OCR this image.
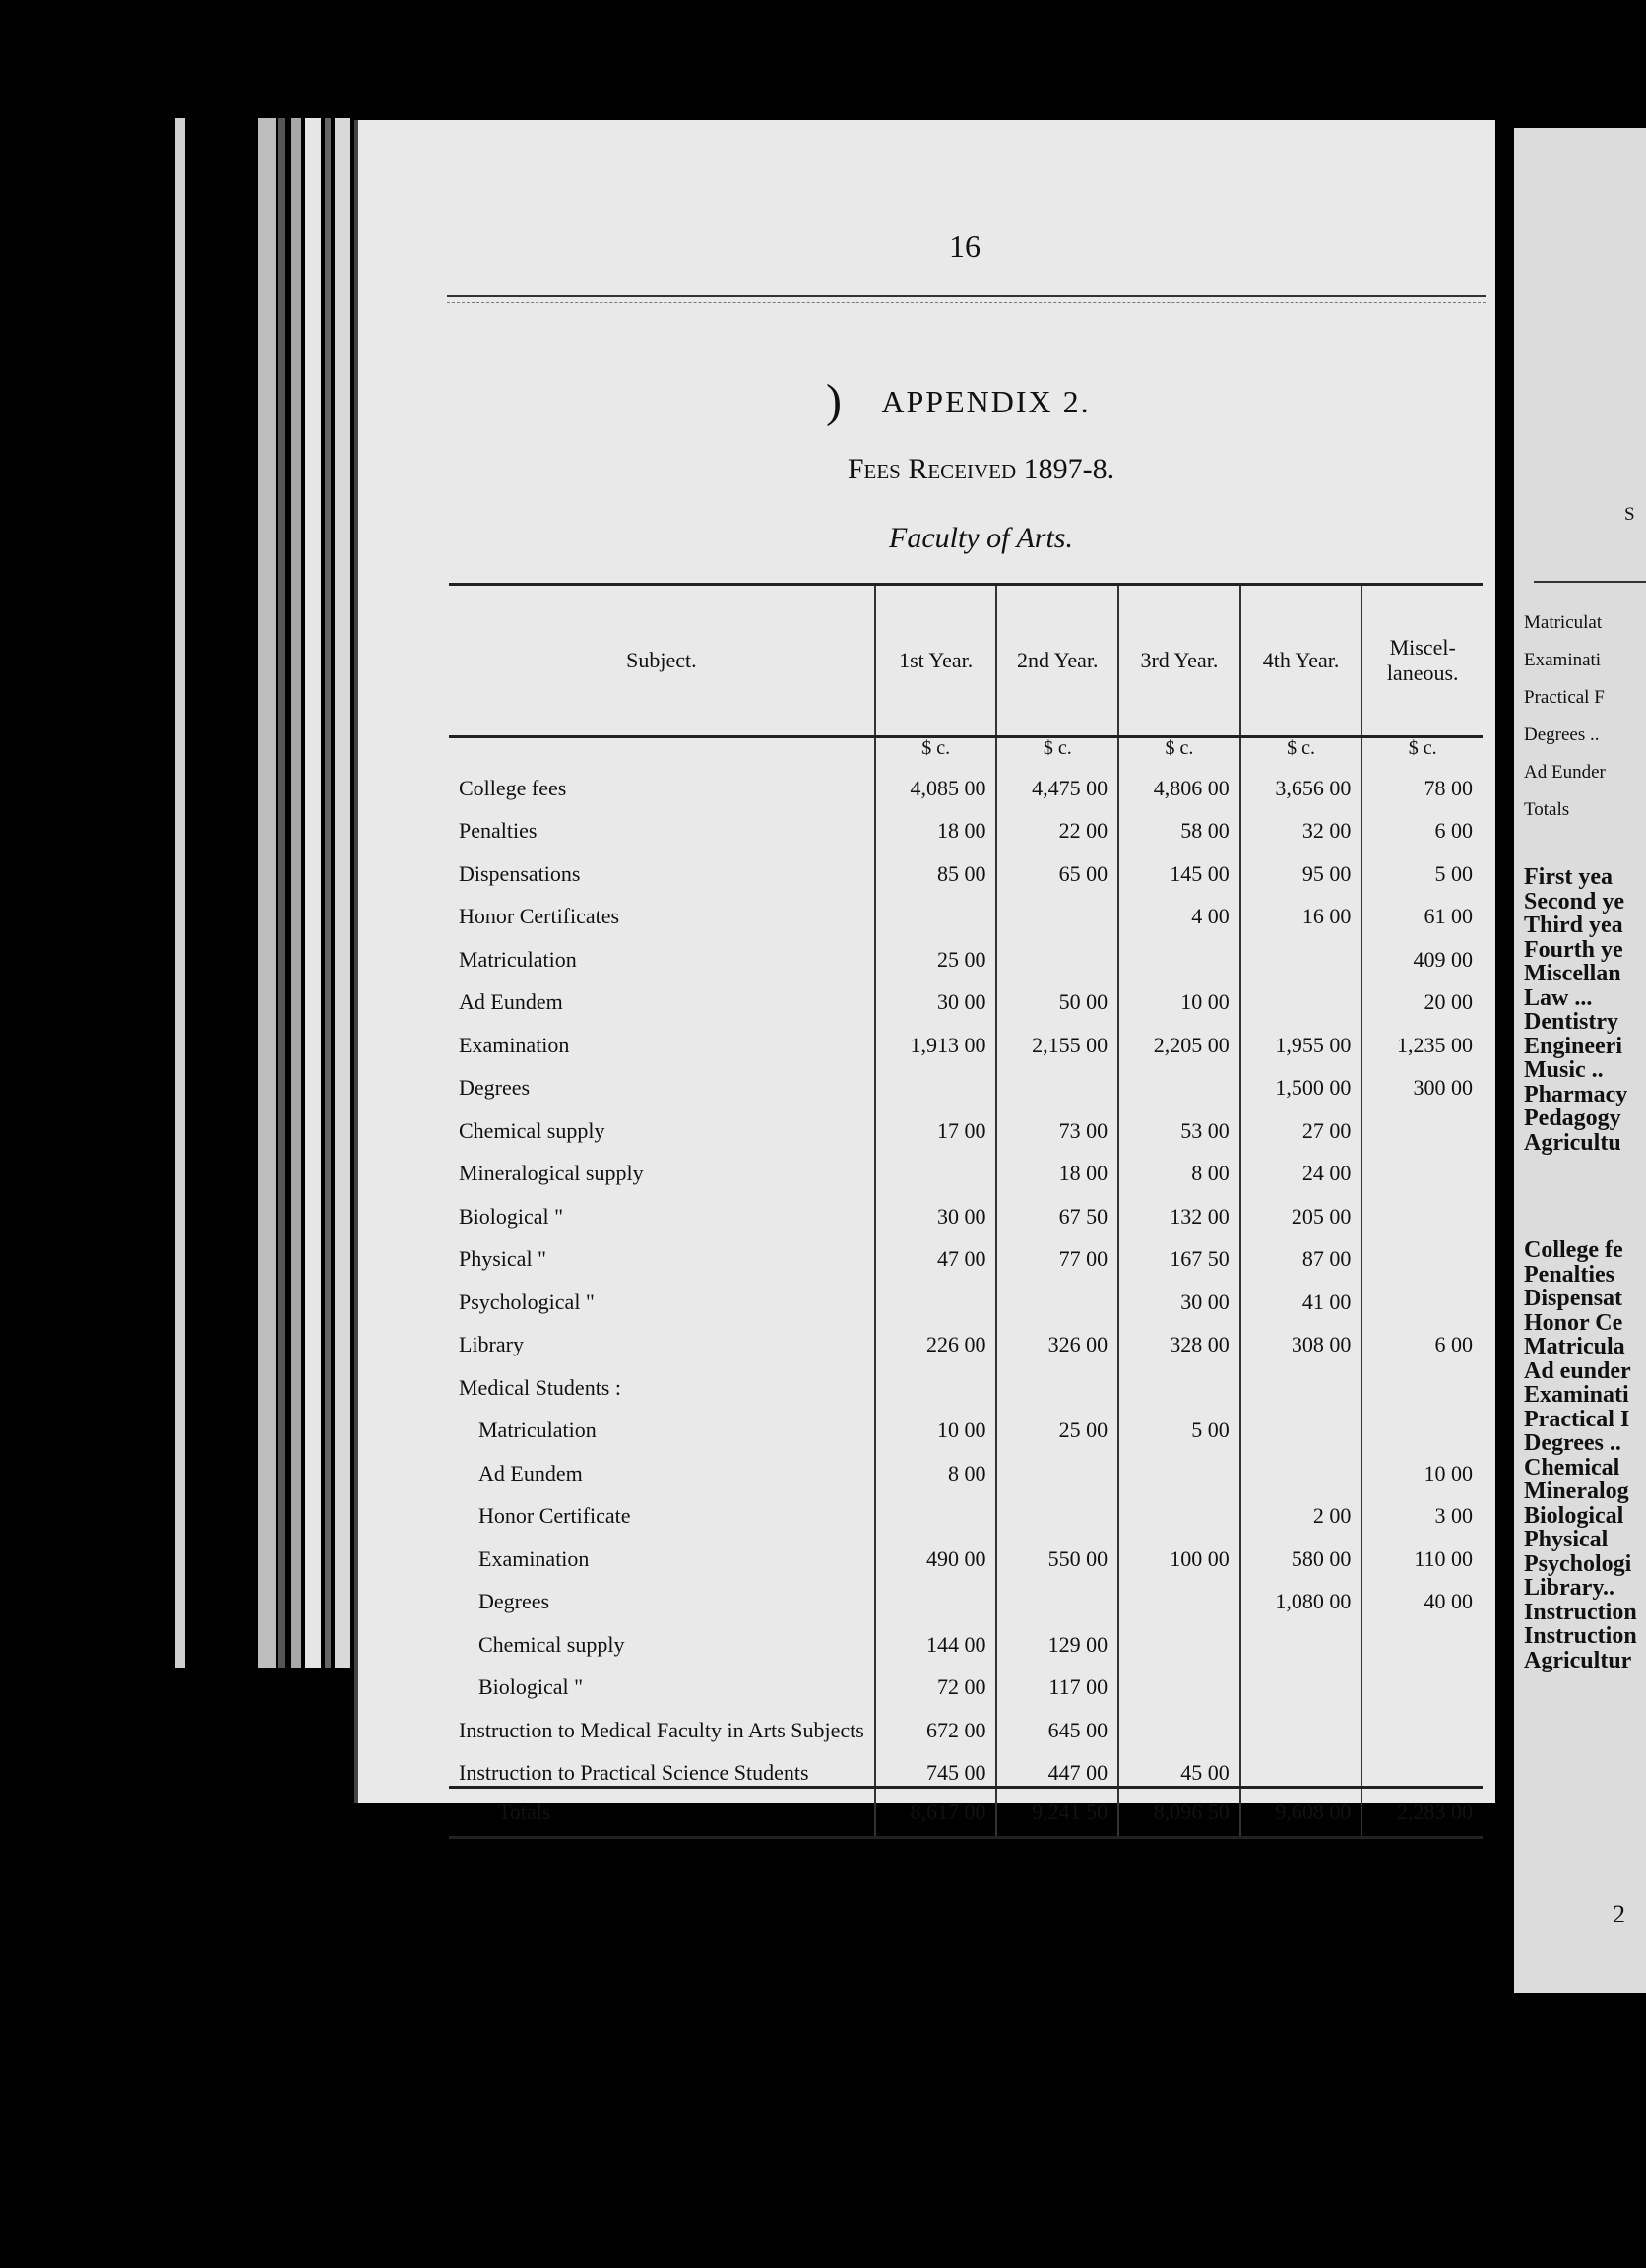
16
)	APPENDIX 2.
Fees Received 1897-8.
Faculty of Arts.
Subject.	1st Year.	2nd Year.	3rd Year.	4th Year.	Miscel-laneous.

	$ c.	$ c.	$ c.	$ c.	$ c.

College fees	4,085 00	4,475 00	4,806 00	3,656 00	78 00
Penalties	18 00	22 00	58 00	32 00	6 00
Dispensations	85 00	65 00	145 00	95 00	5 00
Honor Certificates			4 00	16 00	61 00
Matriculation	25 00				409 00
Ad Eundem	30 00	50 00	10 00		20 00
Examination	1,913 00	2,155 00	2,205 00	1,955 00	1,235 00
Degrees				1,500 00	300 00
Chemical supply	17 00	73 00	53 00	27 00	
Mineralogical supply		18 00	8 00	24 00	
Biological "	30 00	67 50	132 00	205 00	
Physical "	47 00	77 00	167 50	87 00	
Psychological "			30 00	41 00	
Library	226 00	326 00	328 00	308 00	6 00
Medical Students :					
Matriculation	10 00	25 00	5 00		
Ad Eundem	8 00				10 00
Honor Certificate				2 00	3 00
Examination	490 00	550 00	100 00	580 00	110 00
Degrees				1,080 00	40 00
Chemical supply	144 00	129 00			
Biological "	72 00	117 00			
Instruction to Medical Faculty in Arts Subjects	672 00	645 00			
Instruction to Practical Science Students	745 00	447 00	45 00		
Totals	8,617 00	9,241 50	8,096 50	9,608 00	2,283 00
S
Matriculat
Examinati
Practical F
Degrees ..
Ad Eunder
Totals
First yea
Second ye
Third yea
Fourth ye
Miscellan
Law ...
Dentistry
Engineeri
Music ..
Pharmacy
Pedagogy
Agricultu
College fe
Penalties
Dispensat
Honor Ce
Matricula
Ad eunder
Examinati
Practical I
Degrees ..
Chemical
Mineralog
Biological
Physical
Psychologi
Library..
Instruction
Instruction
Agricultur
2
